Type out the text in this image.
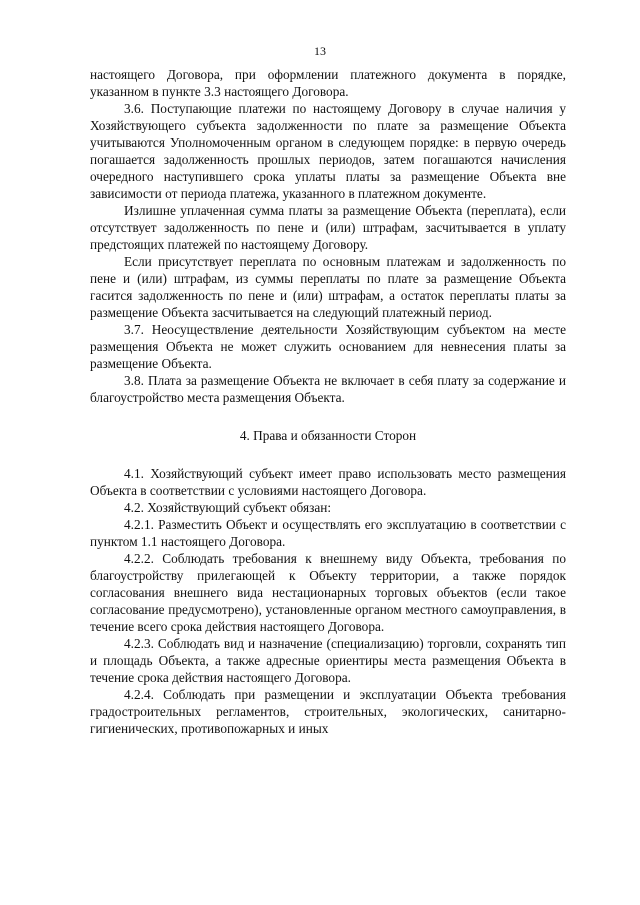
13

настоящего Договора, при оформлении платежного документа в порядке, указанном в пункте 3.3 настоящего Договора.

3.6. Поступающие платежи по настоящему Договору в случае наличия у Хозяйствующего субъекта задолженности по плате за размещение Объекта учитываются Уполномоченным органом в следующем порядке: в первую очередь погашается задолженность прошлых периодов, затем погашаются начисления очередного наступившего срока уплаты платы за размещение Объекта вне зависимости от периода платежа, указанного в платежном документе.

Излишне уплаченная сумма платы за размещение Объекта (переплата), если отсутствует задолженность по пене и (или) штрафам, засчитывается в уплату предстоящих платежей по настоящему Договору.

Если присутствует переплата по основным платежам и задолженность по пене и (или) штрафам, из суммы переплаты по плате за размещение Объекта гасится задолженность по пене и (или) штрафам, а остаток переплаты платы за размещение Объекта засчитывается на следующий платежный период.

3.7. Неосуществление деятельности Хозяйствующим субъектом на месте размещения Объекта не может служить основанием для невнесения платы за размещение Объекта.

3.8. Плата за размещение Объекта не включает в себя плату за содержание и благоустройство места размещения Объекта.

4. Права и обязанности Сторон

4.1. Хозяйствующий субъект имеет право использовать место размещения Объекта в соответствии с условиями настоящего Договора.

4.2. Хозяйствующий субъект обязан:

4.2.1. Разместить Объект и осуществлять его эксплуатацию в соответствии с пунктом 1.1 настоящего Договора.

4.2.2. Соблюдать требования к внешнему виду Объекта, требования по благоустройству прилегающей к Объекту территории, а также порядок согласования внешнего вида нестационарных торговых объектов (если такое согласование предусмотрено), установленные органом местного самоуправления, в течение всего срока действия настоящего Договора.

4.2.3. Соблюдать вид и назначение (специализацию) торговли, сохранять тип и площадь Объекта, а также адресные ориентиры места размещения Объекта в течение срока действия настоящего Договора.

4.2.4. Соблюдать при размещении и эксплуатации Объекта требования градостроительных регламентов, строительных, экологических, санитарно-гигиенических, противопожарных и иных
